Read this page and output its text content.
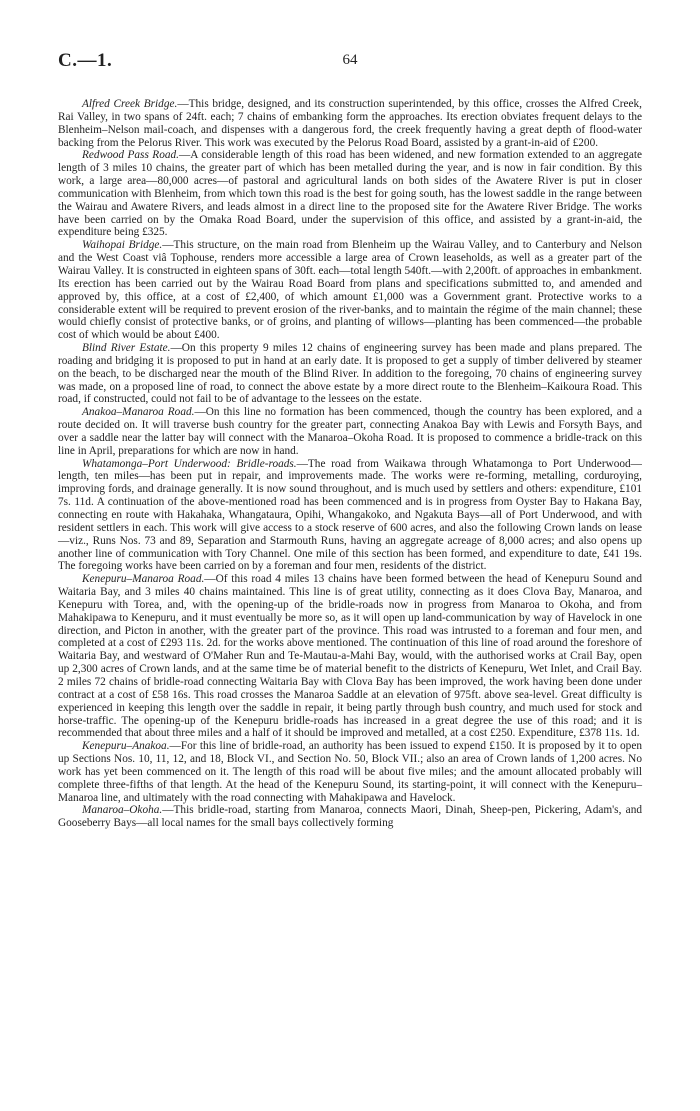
C.—1.	64

Alfred Creek Bridge.—This bridge, designed, and its construction superintended, by this office, crosses the Alfred Creek, Rai Valley, in two spans of 24ft. each; 7 chains of embanking form the approaches. Its erection obviates frequent delays to the Blenheim–Nelson mail-coach, and dispenses with a dangerous ford, the creek frequently having a great depth of flood-water backing from the Pelorus River. This work was executed by the Pelorus Road Board, assisted by a grant-in-aid of £200.

Redwood Pass Road.—A considerable length of this road has been widened, and new formation extended to an aggregate length of 3 miles 10 chains, the greater part of which has been metalled during the year, and is now in fair condition. By this work, a large area—80,000 acres—of pastoral and agricultural lands on both sides of the Awatere River is put in closer communication with Blenheim, from which town this road is the best for going south, has the lowest saddle in the range between the Wairau and Awatere Rivers, and leads almost in a direct line to the proposed site for the Awatere River Bridge. The works have been carried on by the Omaka Road Board, under the supervision of this office, and assisted by a grant-in-aid, the expenditure being £325.

Waihopai Bridge.—This structure, on the main road from Blenheim up the Wairau Valley, and to Canterbury and Nelson and the West Coast viâ Tophouse, renders more accessible a large area of Crown leaseholds, as well as a greater part of the Wairau Valley. It is constructed in eighteen spans of 30ft. each—total length 540ft.—with 2,200ft. of approaches in embankment. Its erection has been carried out by the Wairau Road Board from plans and specifications submitted to, and amended and approved by, this office, at a cost of £2,400, of which amount £1,000 was a Government grant. Protective works to a considerable extent will be required to prevent erosion of the river-banks, and to maintain the régime of the main channel; these would chiefly consist of protective banks, or of groins, and planting of willows—planting has been commenced—the probable cost of which would be about £400.

Blind River Estate.—On this property 9 miles 12 chains of engineering survey has been made and plans prepared. The roading and bridging it is proposed to put in hand at an early date. It is proposed to get a supply of timber delivered by steamer on the beach, to be discharged near the mouth of the Blind River. In addition to the foregoing, 70 chains of engineering survey was made, on a proposed line of road, to connect the above estate by a more direct route to the Blenheim–Kaikoura Road. This road, if constructed, could not fail to be of advantage to the lessees on the estate.

Anakoa–Manaroa Road.—On this line no formation has been commenced, though the country has been explored, and a route decided on. It will traverse bush country for the greater part, connecting Anakoa Bay with Lewis and Forsyth Bays, and over a saddle near the latter bay will connect with the Manaroa–Okoha Road. It is proposed to commence a bridle-track on this line in April, preparations for which are now in hand.

Whatamonga–Port Underwood: Bridle-roads.—The road from Waikawa through Whatamonga to Port Underwood—length, ten miles—has been put in repair, and improvements made. The works were re-forming, metalling, corduroying, improving fords, and drainage generally. It is now sound throughout, and is much used by settlers and others: expenditure, £101 7s. 11d. A continuation of the above-mentioned road has been commenced and is in progress from Oyster Bay to Hakana Bay, connecting en route with Hakahaka, Whangataura, Opihi, Whangakoko, and Ngakuta Bays—all of Port Underwood, and with resident settlers in each. This work will give access to a stock reserve of 600 acres, and also the following Crown lands on lease—viz., Runs Nos. 73 and 89, Separation and Starmouth Runs, having an aggregate acreage of 8,000 acres; and also opens up another line of communication with Tory Channel. One mile of this section has been formed, and expenditure to date, £41 19s. The foregoing works have been carried on by a foreman and four men, residents of the district.

Kenepuru–Manaroa Road.—Of this road 4 miles 13 chains have been formed between the head of Kenepuru Sound and Waitaria Bay, and 3 miles 40 chains maintained. This line is of great utility, connecting as it does Clova Bay, Manaroa, and Kenepuru with Torea, and, with the opening-up of the bridle-roads now in progress from Manaroa to Okoha, and from Mahakipawa to Kenepuru, and it must eventually be more so, as it will open up land-communication by way of Havelock in one direction, and Picton in another, with the greater part of the province. This road was intrusted to a foreman and four men, and completed at a cost of £293 11s. 2d. for the works above mentioned. The continuation of this line of road around the foreshore of Waitaria Bay, and westward of O'Maher Run and Te-Mautau-a-Mahi Bay, would, with the authorised works at Crail Bay, open up 2,300 acres of Crown lands, and at the same time be of material benefit to the districts of Kenepuru, Wet Inlet, and Crail Bay. 2 miles 72 chains of bridle-road connecting Waitaria Bay with Clova Bay has been improved, the work having been done under contract at a cost of £58 16s. This road crosses the Manaroa Saddle at an elevation of 975ft. above sea-level. Great difficulty is experienced in keeping this length over the saddle in repair, it being partly through bush country, and much used for stock and horse-traffic. The opening-up of the Kenepuru bridle-roads has increased in a great degree the use of this road; and it is recommended that about three miles and a half of it should be improved and metalled, at a cost £250. Expenditure, £378 11s. 1d.

Kenepuru–Anakoa.—For this line of bridle-road, an authority has been issued to expend £150. It is proposed by it to open up Sections Nos. 10, 11, 12, and 18, Block VI., and Section No. 50, Block VII.; also an area of Crown lands of 1,200 acres. No work has yet been commenced on it. The length of this road will be about five miles; and the amount allocated probably will complete three-fifths of that length. At the head of the Kenepuru Sound, its starting-point, it will connect with the Kenepuru–Manaroa line, and ultimately with the road connecting with Mahakipawa and Havelock.

Manaroa–Okoha.—This bridle-road, starting from Manaroa, connects Maori, Dinah, Sheep-pen, Pickering, Adam's, and Gooseberry Bays—all local names for the small bays collectively forming
